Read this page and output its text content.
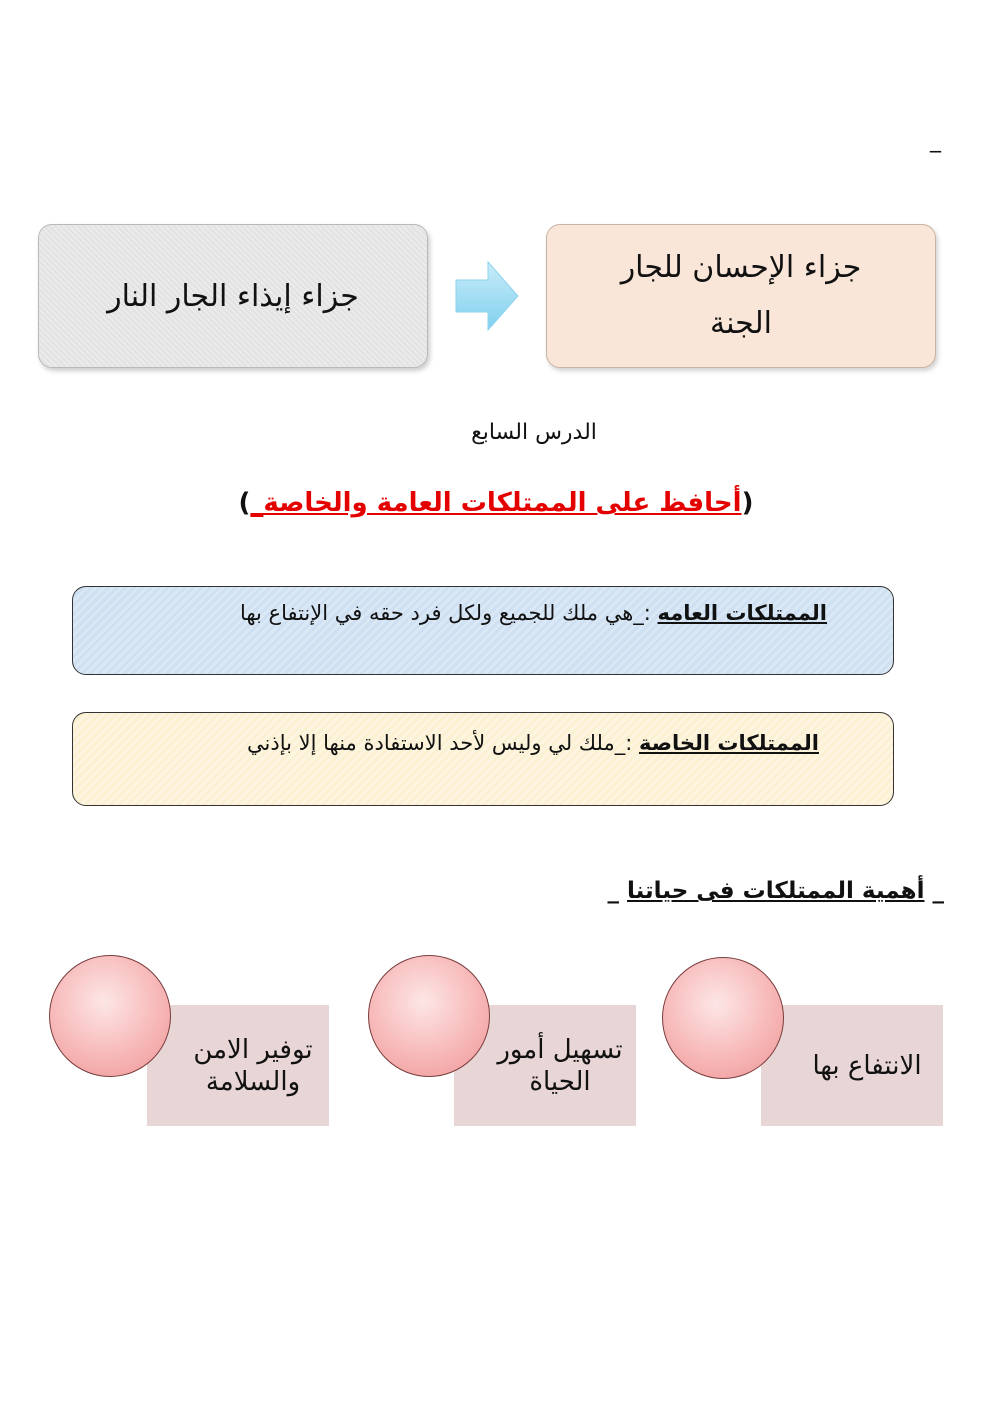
_
جزاء الإحسان للجار الجنة
جزاء إيذاء الجار النار
الدرس السابع
(أحافظ على الممتلكات العامة والخاصة_)
الممتلكات العامه :_هي ملك للجميع ولكل فرد حقه في الإنتفاع بها
الممتلكات الخاصة :_ملك لي وليس لأحد الاستفادة منها إلا بإذني
_ أهمية الممتلكات فى حياتنا _
الانتفاع بها
تسهيل أمور الحياة
توفير الامن والسلامة
